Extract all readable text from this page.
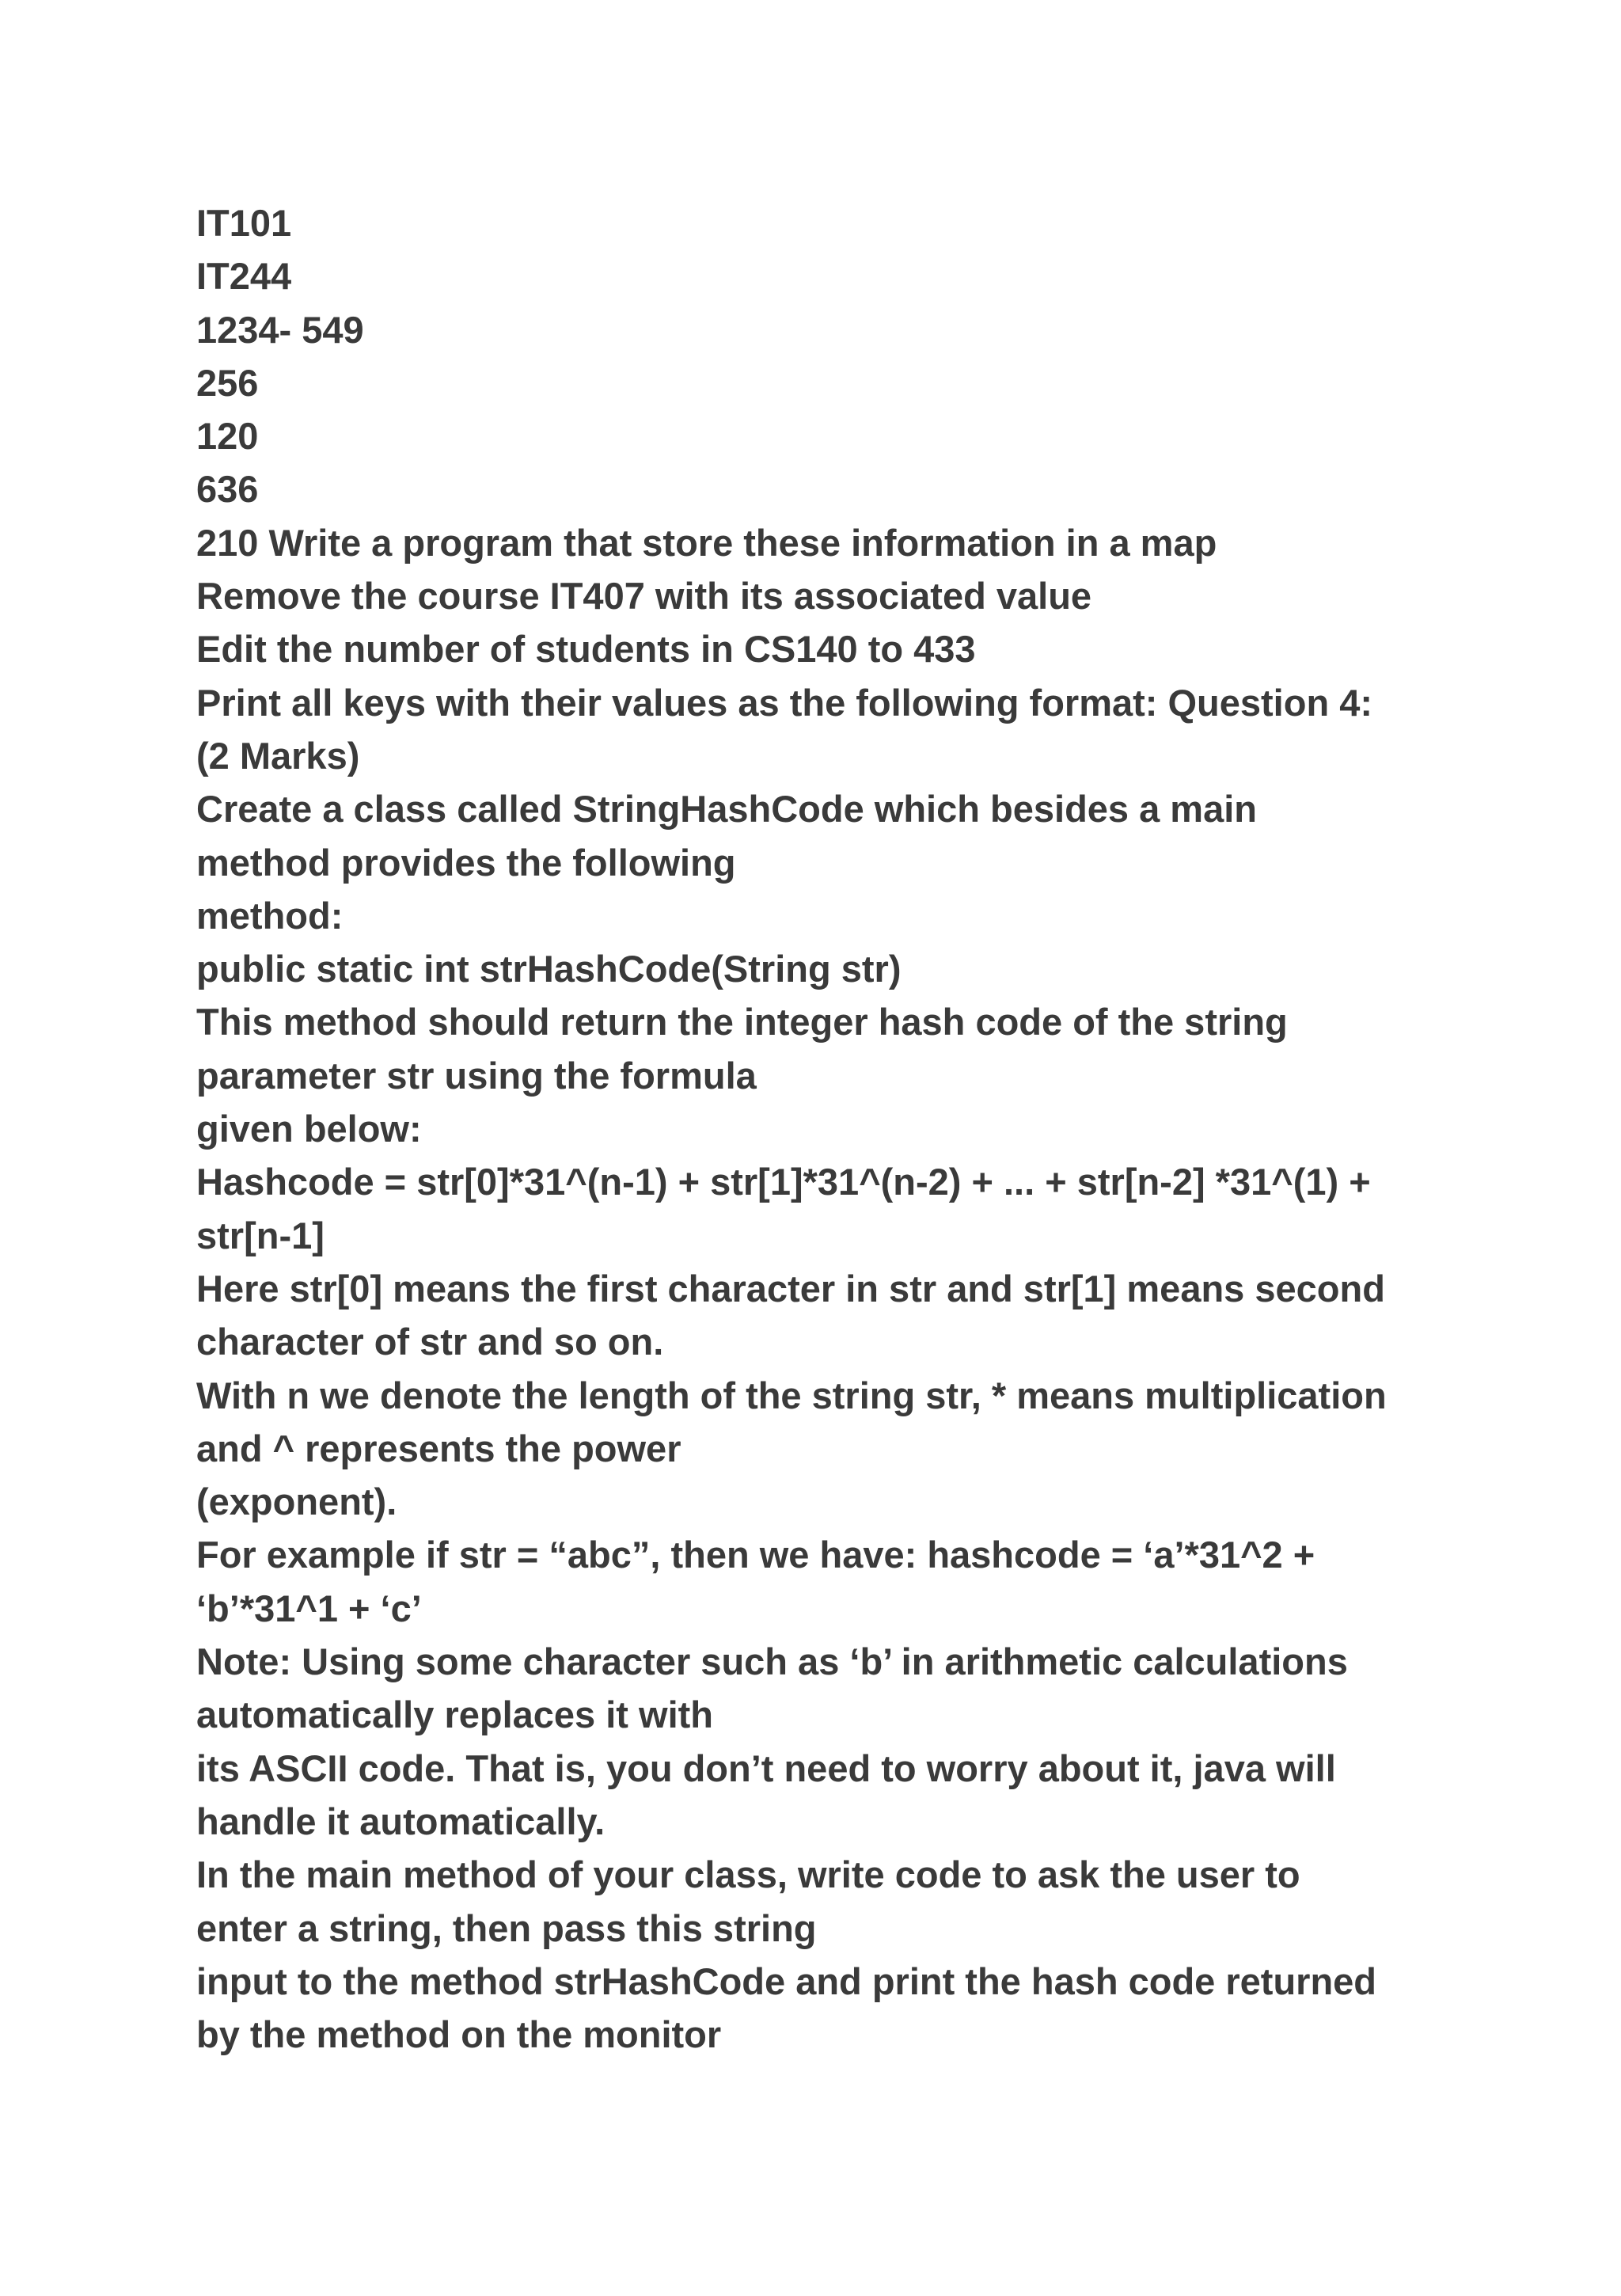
IT101

IT244

1234- 549

256

120

636

210 Write a program that store these information in a map

Remove the course IT407 with its associated value

Edit the number of students in CS140 to 433

Print all keys with their values as the following format: Question 4:

(2 Marks)

Create a class called StringHashCode which besides a main

method provides the following

method:

public static int strHashCode(String str)

This method should return the integer hash code of the string

parameter str using the formula

given below:

Hashcode = str[0]*31^(n-1) + str[1]*31^(n-2) + ... + str[n-2] *31^(1) +

str[n-1]

Here str[0] means the first character in str and str[1] means second

character of str and so on.

With n we denote the length of the string str, * means multiplication

and ^ represents the power

(exponent).

For example if str = “abc”, then we have: hashcode = ‘a’*31^2 +

‘b’*31^1 + ‘c’

Note: Using some character such as ‘b’ in arithmetic calculations

automatically replaces it with

its ASCII code. That is, you don’t need to worry about it, java will

handle it automatically.

In the main method of your class, write code to ask the user to

enter a string, then pass this string

input to the method strHashCode and print the hash code returned

by the method on the monitor
